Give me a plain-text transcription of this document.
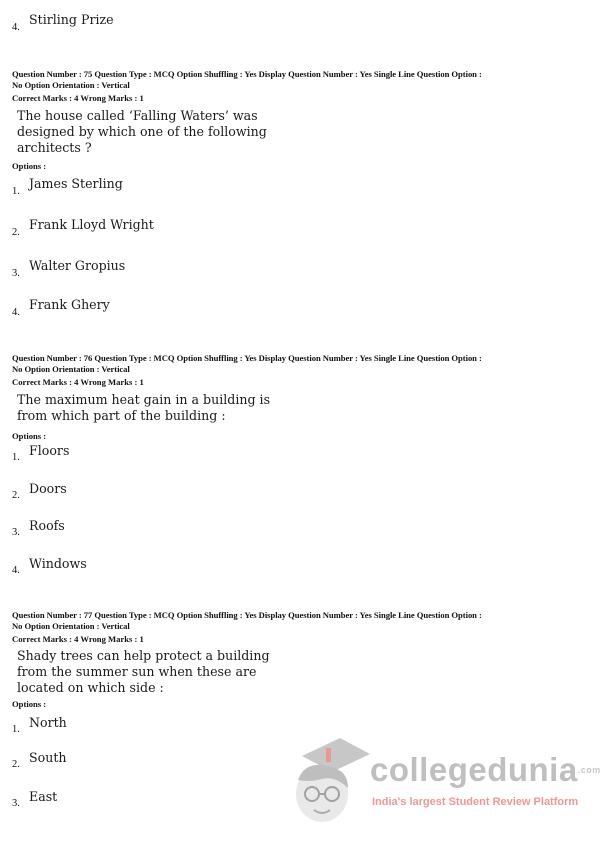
4.
Stirling Prize
Question Number : 75 Question Type : MCQ Option Shuffling : Yes Display Question Number : Yes Single Line Question Option :
No Option Orientation : Vertical
Correct Marks : 4 Wrong Marks : 1
The house called ‘Falling Waters’ was
designed by which one of the following
architects ?
Options :
1.
James Sterling
2.
Frank Lloyd Wright
3.
Walter Gropius
4.
Frank Ghery
Question Number : 76 Question Type : MCQ Option Shuffling : Yes Display Question Number : Yes Single Line Question Option :
No Option Orientation : Vertical
Correct Marks : 4 Wrong Marks : 1
The maximum heat gain in a building is
from which part of the building :
Options :
1. Floors
2. Doors
3. Roofs
4. Windows
Question Number : 77 Question Type : MCQ Option Shuffling : Yes Display Question Number : Yes Single Line Question Option :
No Option Orientation : Vertical
Correct Marks : 4 Wrong Marks : 1
Shady trees can help protect a building
from the summer sun when these are
located on which side :
Options :
1. North
2. South
3. East
collegedunia$^{.com}$
India's largest Student Review Platform
